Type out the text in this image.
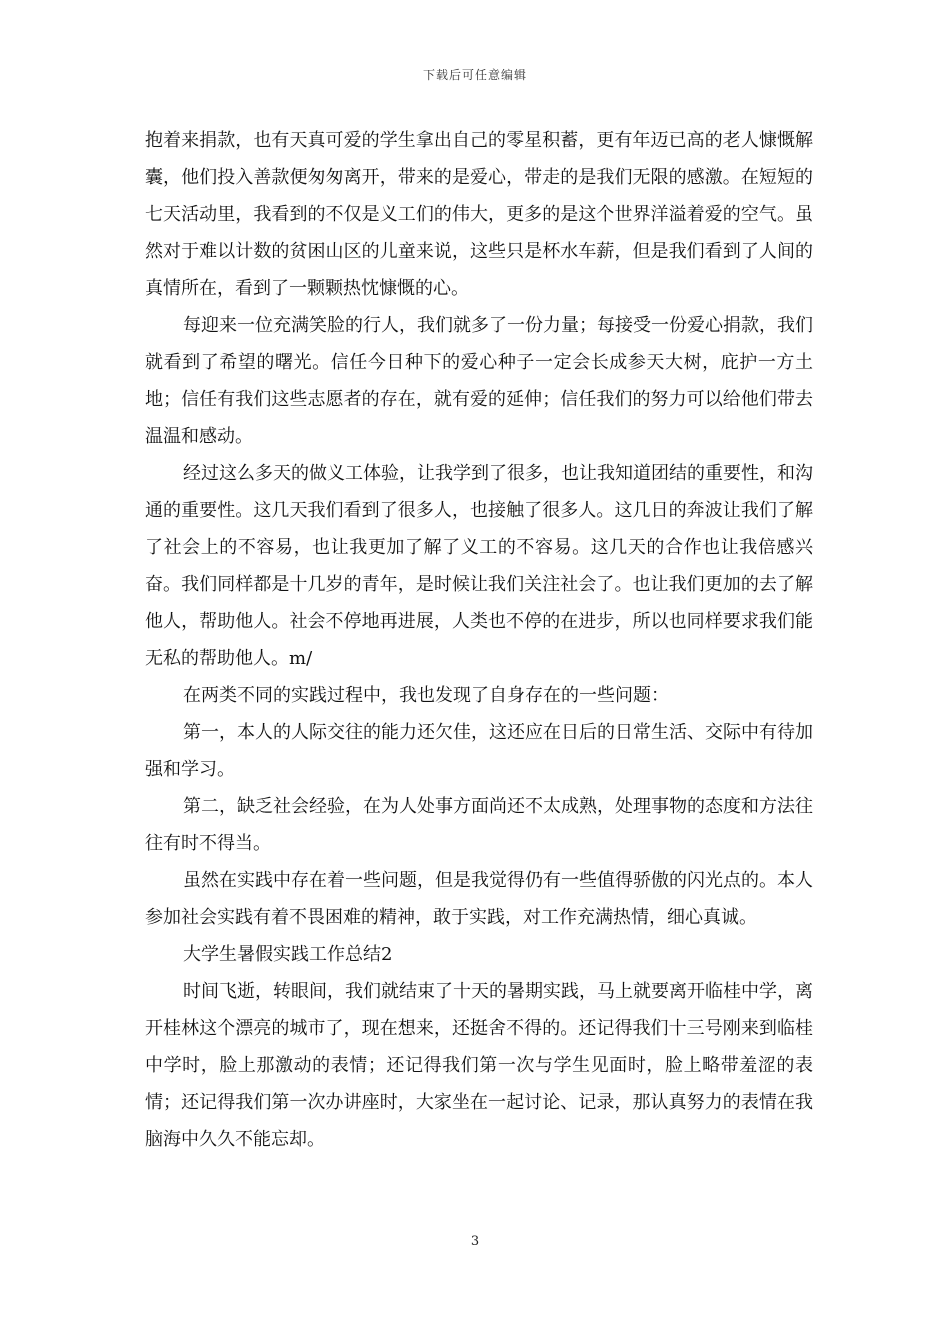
下载后可任意编辑

抱着来捐款，也有天真可爱的学生拿出自己的零星积蓄，更有年迈已高的老人慷慨解囊，他们投入善款便匆匆离开，带来的是爱心，带走的是我们无限的感激。在短短的七天活动里，我看到的不仅是义工们的伟大，更多的是这个世界洋溢着爱的空气。虽然对于难以计数的贫困山区的儿童来说，这些只是杯水车薪，但是我们看到了人间的真情所在，看到了一颗颗热忱慷慨的心。

每迎来一位充满笑脸的行人，我们就多了一份力量；每接受一份爱心捐款，我们就看到了希望的曙光。信任今日种下的爱心种子一定会长成参天大树，庇护一方土地；信任有我们这些志愿者的存在，就有爱的延伸；信任我们的努力可以给他们带去温温和感动。

经过这么多天的做义工体验，让我学到了很多，也让我知道团结的重要性，和沟通的重要性。这几天我们看到了很多人，也接触了很多人。这几日的奔波让我们了解了社会上的不容易，也让我更加了解了义工的不容易。这几天的合作也让我倍感兴奋。我们同样都是十几岁的青年，是时候让我们关注社会了。也让我们更加的去了解他人，帮助他人。社会不停地再进展，人类也不停的在进步，所以也同样要求我们能无私的帮助他人。m/

在两类不同的实践过程中，我也发现了自身存在的一些问题：

第一，本人的人际交往的能力还欠佳，这还应在日后的日常生活、交际中有待加强和学习。

第二，缺乏社会经验，在为人处事方面尚还不太成熟，处理事物的态度和方法往往有时不得当。

虽然在实践中存在着一些问题，但是我觉得仍有一些值得骄傲的闪光点的。本人参加社会实践有着不畏困难的精神，敢于实践，对工作充满热情，细心真诚。

大学生暑假实践工作总结2

时间飞逝，转眼间，我们就结束了十天的暑期实践，马上就要离开临桂中学，离开桂林这个漂亮的城市了，现在想来，还挺舍不得的。还记得我们十三号刚来到临桂中学时，脸上那激动的表情；还记得我们第一次与学生见面时，脸上略带羞涩的表情；还记得我们第一次办讲座时，大家坐在一起讨论、记录，那认真努力的表情在我脑海中久久不能忘却。

3
